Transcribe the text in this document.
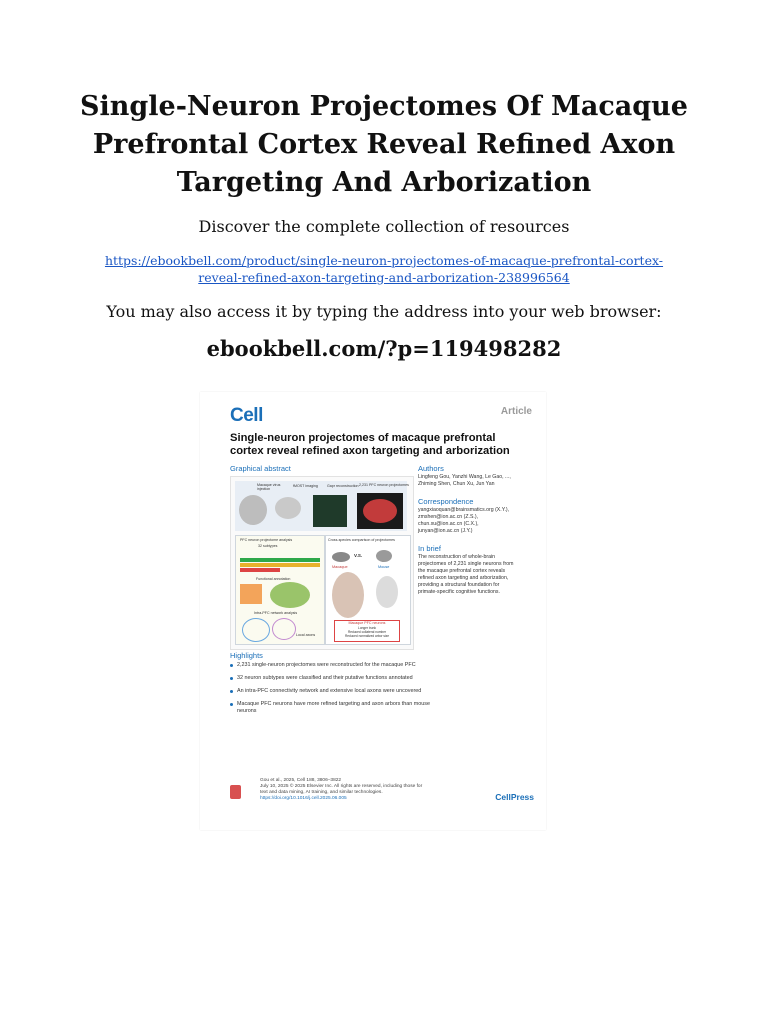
Single-Neuron Projectomes Of Macaque
Prefrontal Cortex Reveal Refined Axon
Targeting And Arborization
Discover the complete collection of resources
https://ebookbell.com/product/single-neuron-projectomes-of-macaque-prefrontal-cortex-
reveal-refined-axon-targeting-and-arborization-238996564
You may also access it by typing the address into your web browser:
ebookbell.com/?p=119498282
Cell	Article
Single-neuron projectomes of macaque prefrontal
cortex reveal refined axon targeting and arborization
Graphical abstract
Macaque virus injection
fMOST imaging	Gapr reconstruction 2,231 PFC neuron projectomes
PFC neuron projectome analysis
32 subtypes
Functional annotation
Intra-PFC network analysis
Local axons
Cross-species comparison of projectomes
V.S.
Macaque	Mouse
Macaque PFC neurons
Longer trunk
Reduced collateral number
Reduced normalized arbor size
Authors
Lingfeng Gou, Yanzhi Wang, Le Gao, ...,
Zhiming Shen, Chun Xu, Jun Yan
Correspondence
yangxiaoquan@brainsmatics.org (X.Y.),
zmshen@ion.ac.cn (Z.S.),
chun.xu@ion.ac.cn (C.X.),
junyan@ion.ac.cn (J.Y.)
In brief
The reconstruction of whole-brain
projectomes of 2,231 single neurons from
the macaque prefrontal cortex reveals
refined axon targeting and arborization,
providing a structural foundation for
primate-specific cognitive functions.
Highlights
2,231 single-neuron projectomes were reconstructed for the macaque PFC
32 neuron subtypes were classified and their putative functions annotated
An intra-PFC connectivity network and extensive local axons were uncovered
Macaque PFC neurons have more refined targeting and axon arbors than mouse neurons
Gou et al., 2025, Cell 188, 3806–3822
July 10, 2025 © 2025 Elsevier Inc. All rights are reserved, including those for
text and data mining, AI training, and similar technologies.
https://doi.org/10.1016/j.cell.2025.06.005	CellPress
